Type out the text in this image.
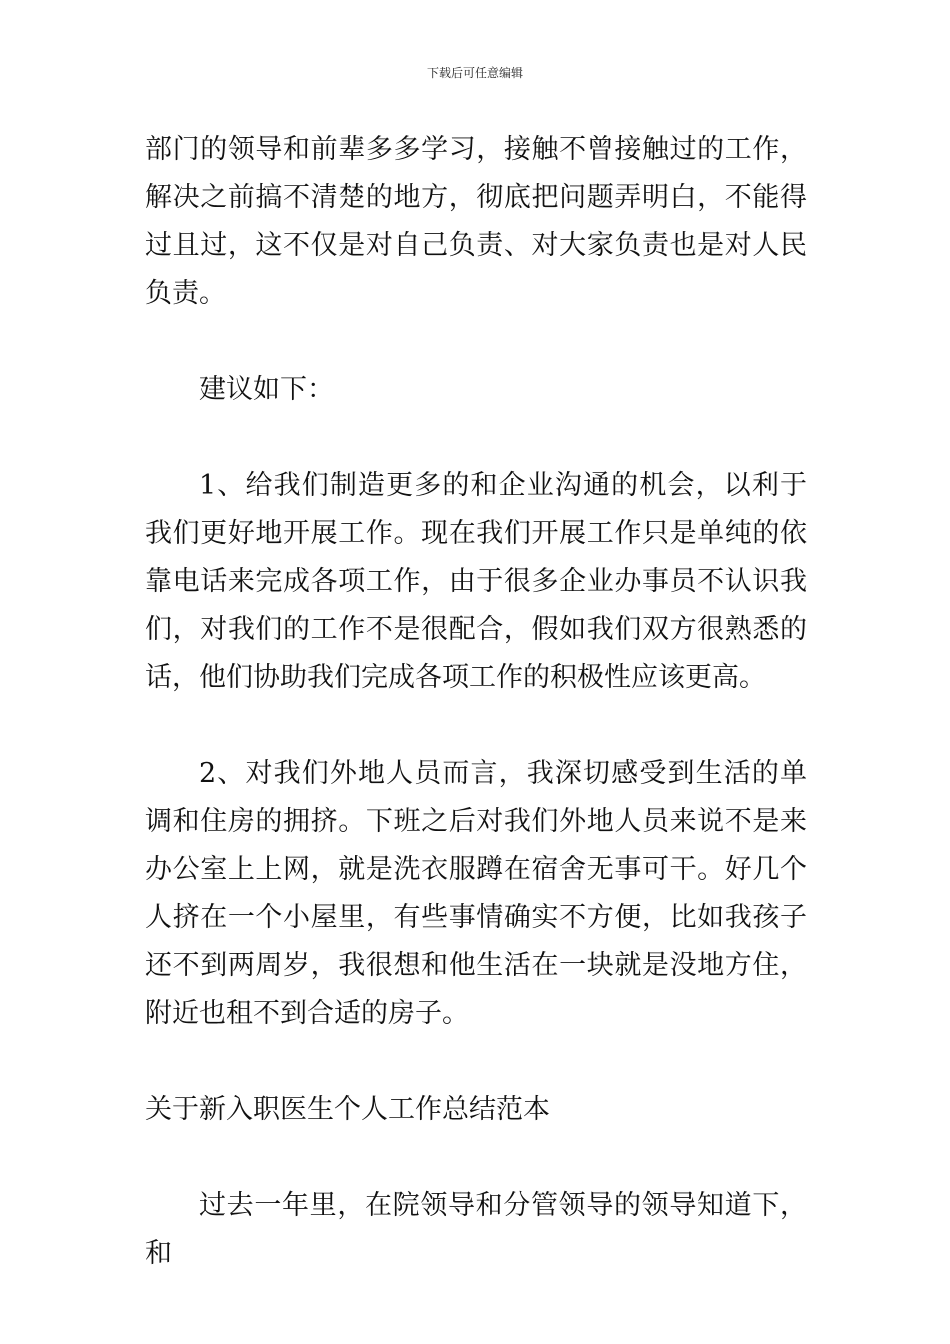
下载后可任意编辑

部门的领导和前辈多多学习，接触不曾接触过的工作，解决之前搞不清楚的地方，彻底把问题弄明白，不能得过且过，这不仅是对自己负责、对大家负责也是对人民负责。

建议如下：

1、给我们制造更多的和企业沟通的机会，以利于我们更好地开展工作。现在我们开展工作只是单纯的依靠电话来完成各项工作，由于很多企业办事员不认识我们，对我们的工作不是很配合，假如我们双方很熟悉的话，他们协助我们完成各项工作的积极性应该更高。

2、对我们外地人员而言，我深切感受到生活的单调和住房的拥挤。下班之后对我们外地人员来说不是来办公室上上网，就是洗衣服蹲在宿舍无事可干。好几个人挤在一个小屋里，有些事情确实不方便，比如我孩子还不到两周岁，我很想和他生活在一块就是没地方住，附近也租不到合适的房子。

关于新入职医生个人工作总结范本

过去一年里，在院领导和分管领导的领导知道下，和
